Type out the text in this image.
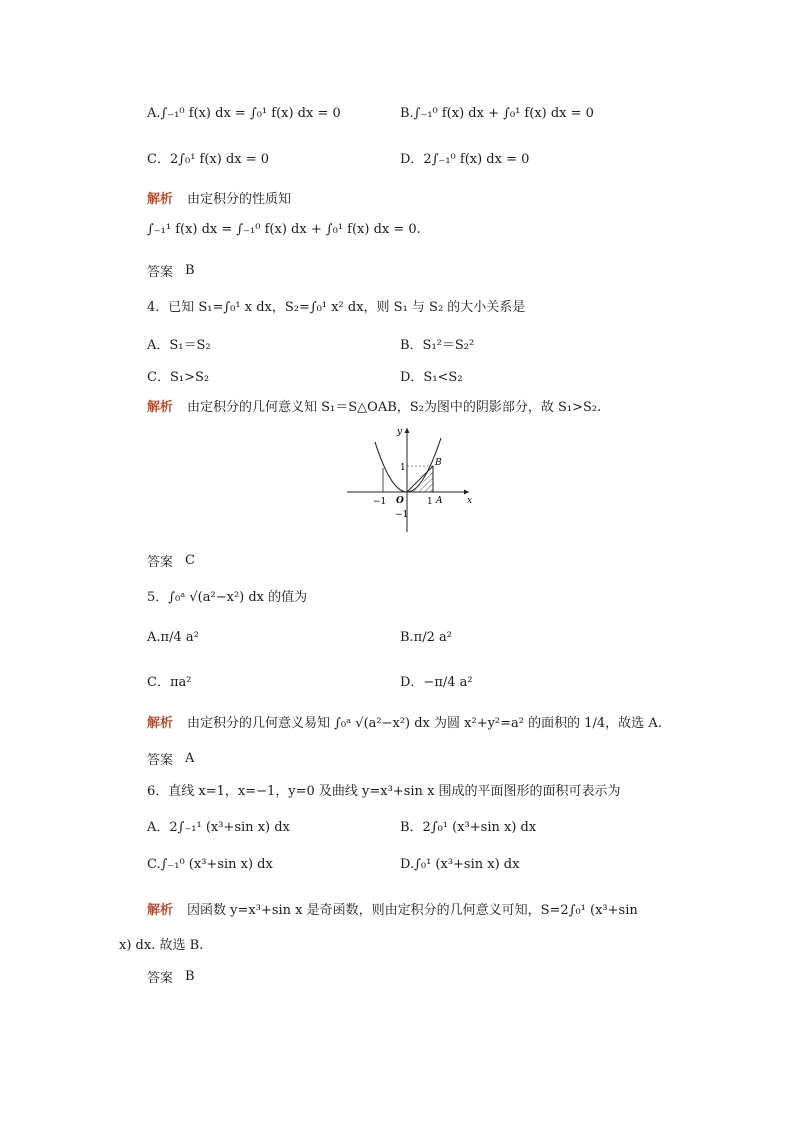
A.∫₋₁⁰ f(x) dx = ∫₀¹ f(x) dx = 0	B.∫₋₁⁰ f(x) dx + ∫₀¹ f(x) dx = 0
C．2∫₀¹ f(x) dx = 0	D．2∫₋₁⁰ f(x) dx = 0
解析 由定积分的性质知
∫₋₁¹ f(x) dx = ∫₋₁⁰ f(x) dx + ∫₀¹ f(x) dx = 0.
答案 B
4．已知 S₁=∫₀¹ x dx，S₂=∫₀¹ x² dx，则 S₁ 与 S₂ 的大小关系是
A．S₁＝S₂	B．S₁²＝S₂²
C．S₁>S₂	D．S₁<S₂
解析 由定积分的几何意义知 S₁＝S△OAB，S₂为图中的阴影部分，故 S₁>S₂.
y
x
O
B
A
−1	1
1
−1
答案 C
5．∫₀ᵃ √(a²−x²) dx 的值为
A.π/4 a²	B.π/2 a²
C．πa²	D．−π/4 a²
解析 由定积分的几何意义易知 ∫₀ᵃ √(a²−x²) dx 为圆 x²+y²=a² 的面积的 1/4，故选 A.
答案 A
6．直线 x=1，x=−1，y=0 及曲线 y=x³+sin x 围成的平面图形的面积可表示为
A．2∫₋₁¹ (x³+sin x) dx	B．2∫₀¹ (x³+sin x) dx
C.∫₋₁⁰ (x³+sin x) dx	D.∫₀¹ (x³+sin x) dx
解析 因函数 y=x³+sin x 是奇函数，则由定积分的几何意义可知，S=2∫₀¹ (x³+sin
x) dx. 故选 B.
答案 B
